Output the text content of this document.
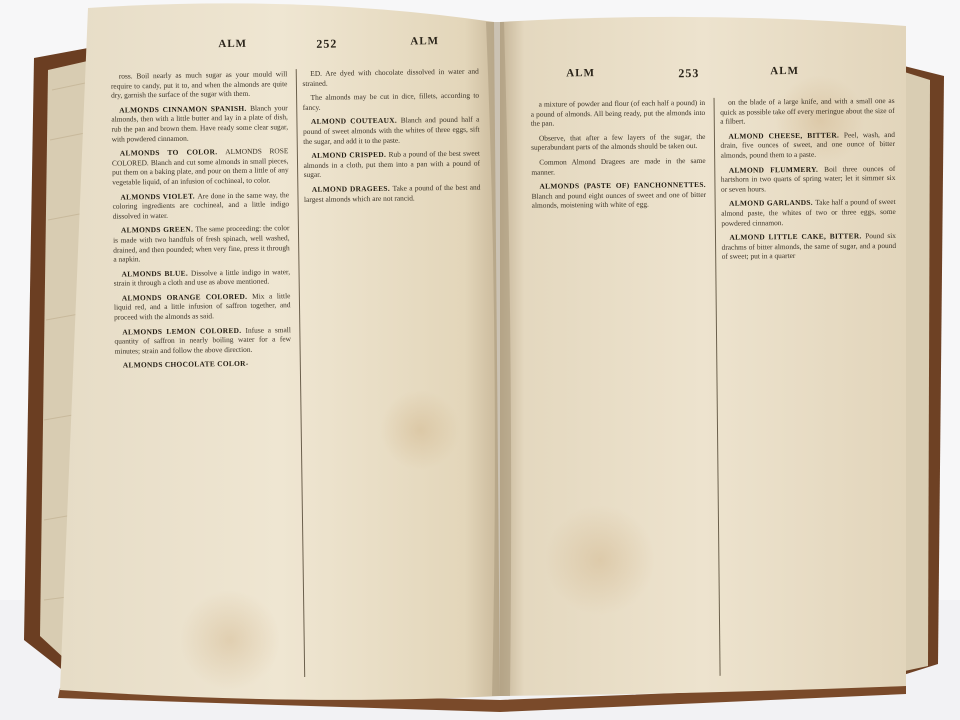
ALM	252	ALM

ross. Boil nearly as much sugar as your mould will require to candy, put it to, and when the almonds are quite dry, garnish the surface of the sugar with them.

ALMONDS CINNAMON SPANISH. Blanch your almonds, then with a little butter and lay in a plate of dish, rub the pan and brown them. Have ready some clear sugar, with powdered cinnamon.

ALMONDS TO COLOR. ALMONDS ROSE COLORED. Blanch and cut some almonds in small pieces, put them on a baking plate, and pour on them a little of any vegetable liquid, of an infusion of cochineal, to color.

ALMONDS VIOLET. Are done in the same way, the coloring ingredients are cochineal, and a little indigo dissolved in water.

ALMONDS GREEN. The same proceeding: the color is made with two handfuls of fresh spinach, well washed, drained, and then pounded; when very fine, press it through a napkin.

ALMONDS BLUE. Dissolve a little indigo in water, strain it through a cloth and use as above mentioned.

ALMONDS ORANGE COLORED. Mix a little liquid red, and a little infusion of saffron together, and proceed with the almonds as said.

ALMONDS LEMON COLORED. Infuse a small quantity of saffron in nearly boiling water for a few minutes; strain and follow the above direction.

ALMONDS CHOCOLATE COLOR-

ED. Are dyed with chocolate dissolved in water and strained.

The almonds may be cut in dice, fillets, according to fancy.

ALMOND COUTEAUX. Blanch and pound half a pound of sweet almonds with the whites of three eggs, sift the sugar, and add it to the paste.

ALMOND CRISPED. Rub a pound of the best sweet almonds in a cloth, put them into a pan with a pound of sugar.

ALMOND DRAGEES. Take a pound of the best and largest almonds which are not rancid.

ALM	253	ALM

a mixture of powder and flour (of each half a pound) in a pound of almonds. All being ready, put the almonds into the pan.

Observe, that after a few layers of the sugar, the superabundant parts of the almonds should be taken out.

Common Almond Dragees are made in the same manner.

ALMONDS (PASTE OF) FANCHONNETTES. Blanch and pound eight ounces of sweet and one of bitter almonds, moistening with white of egg.

on the blade of a large knife, and with a small one as quick as possible take off every meringue about the size of a filbert.

ALMOND CHEESE, BITTER. Peel, wash, and drain, five ounces of sweet, and one ounce of bitter almonds, pound them to a paste.

ALMOND FLUMMERY. Boil three ounces of hartshorn in two quarts of spring water; let it simmer six or seven hours.

ALMOND GARLANDS. Take half a pound of sweet almond paste, the whites of two or three eggs, some powdered cinnamon.

ALMOND LITTLE CAKE, BITTER. Pound six drachms of bitter almonds, the same of sugar, and a pound of sweet; put in a quarter
